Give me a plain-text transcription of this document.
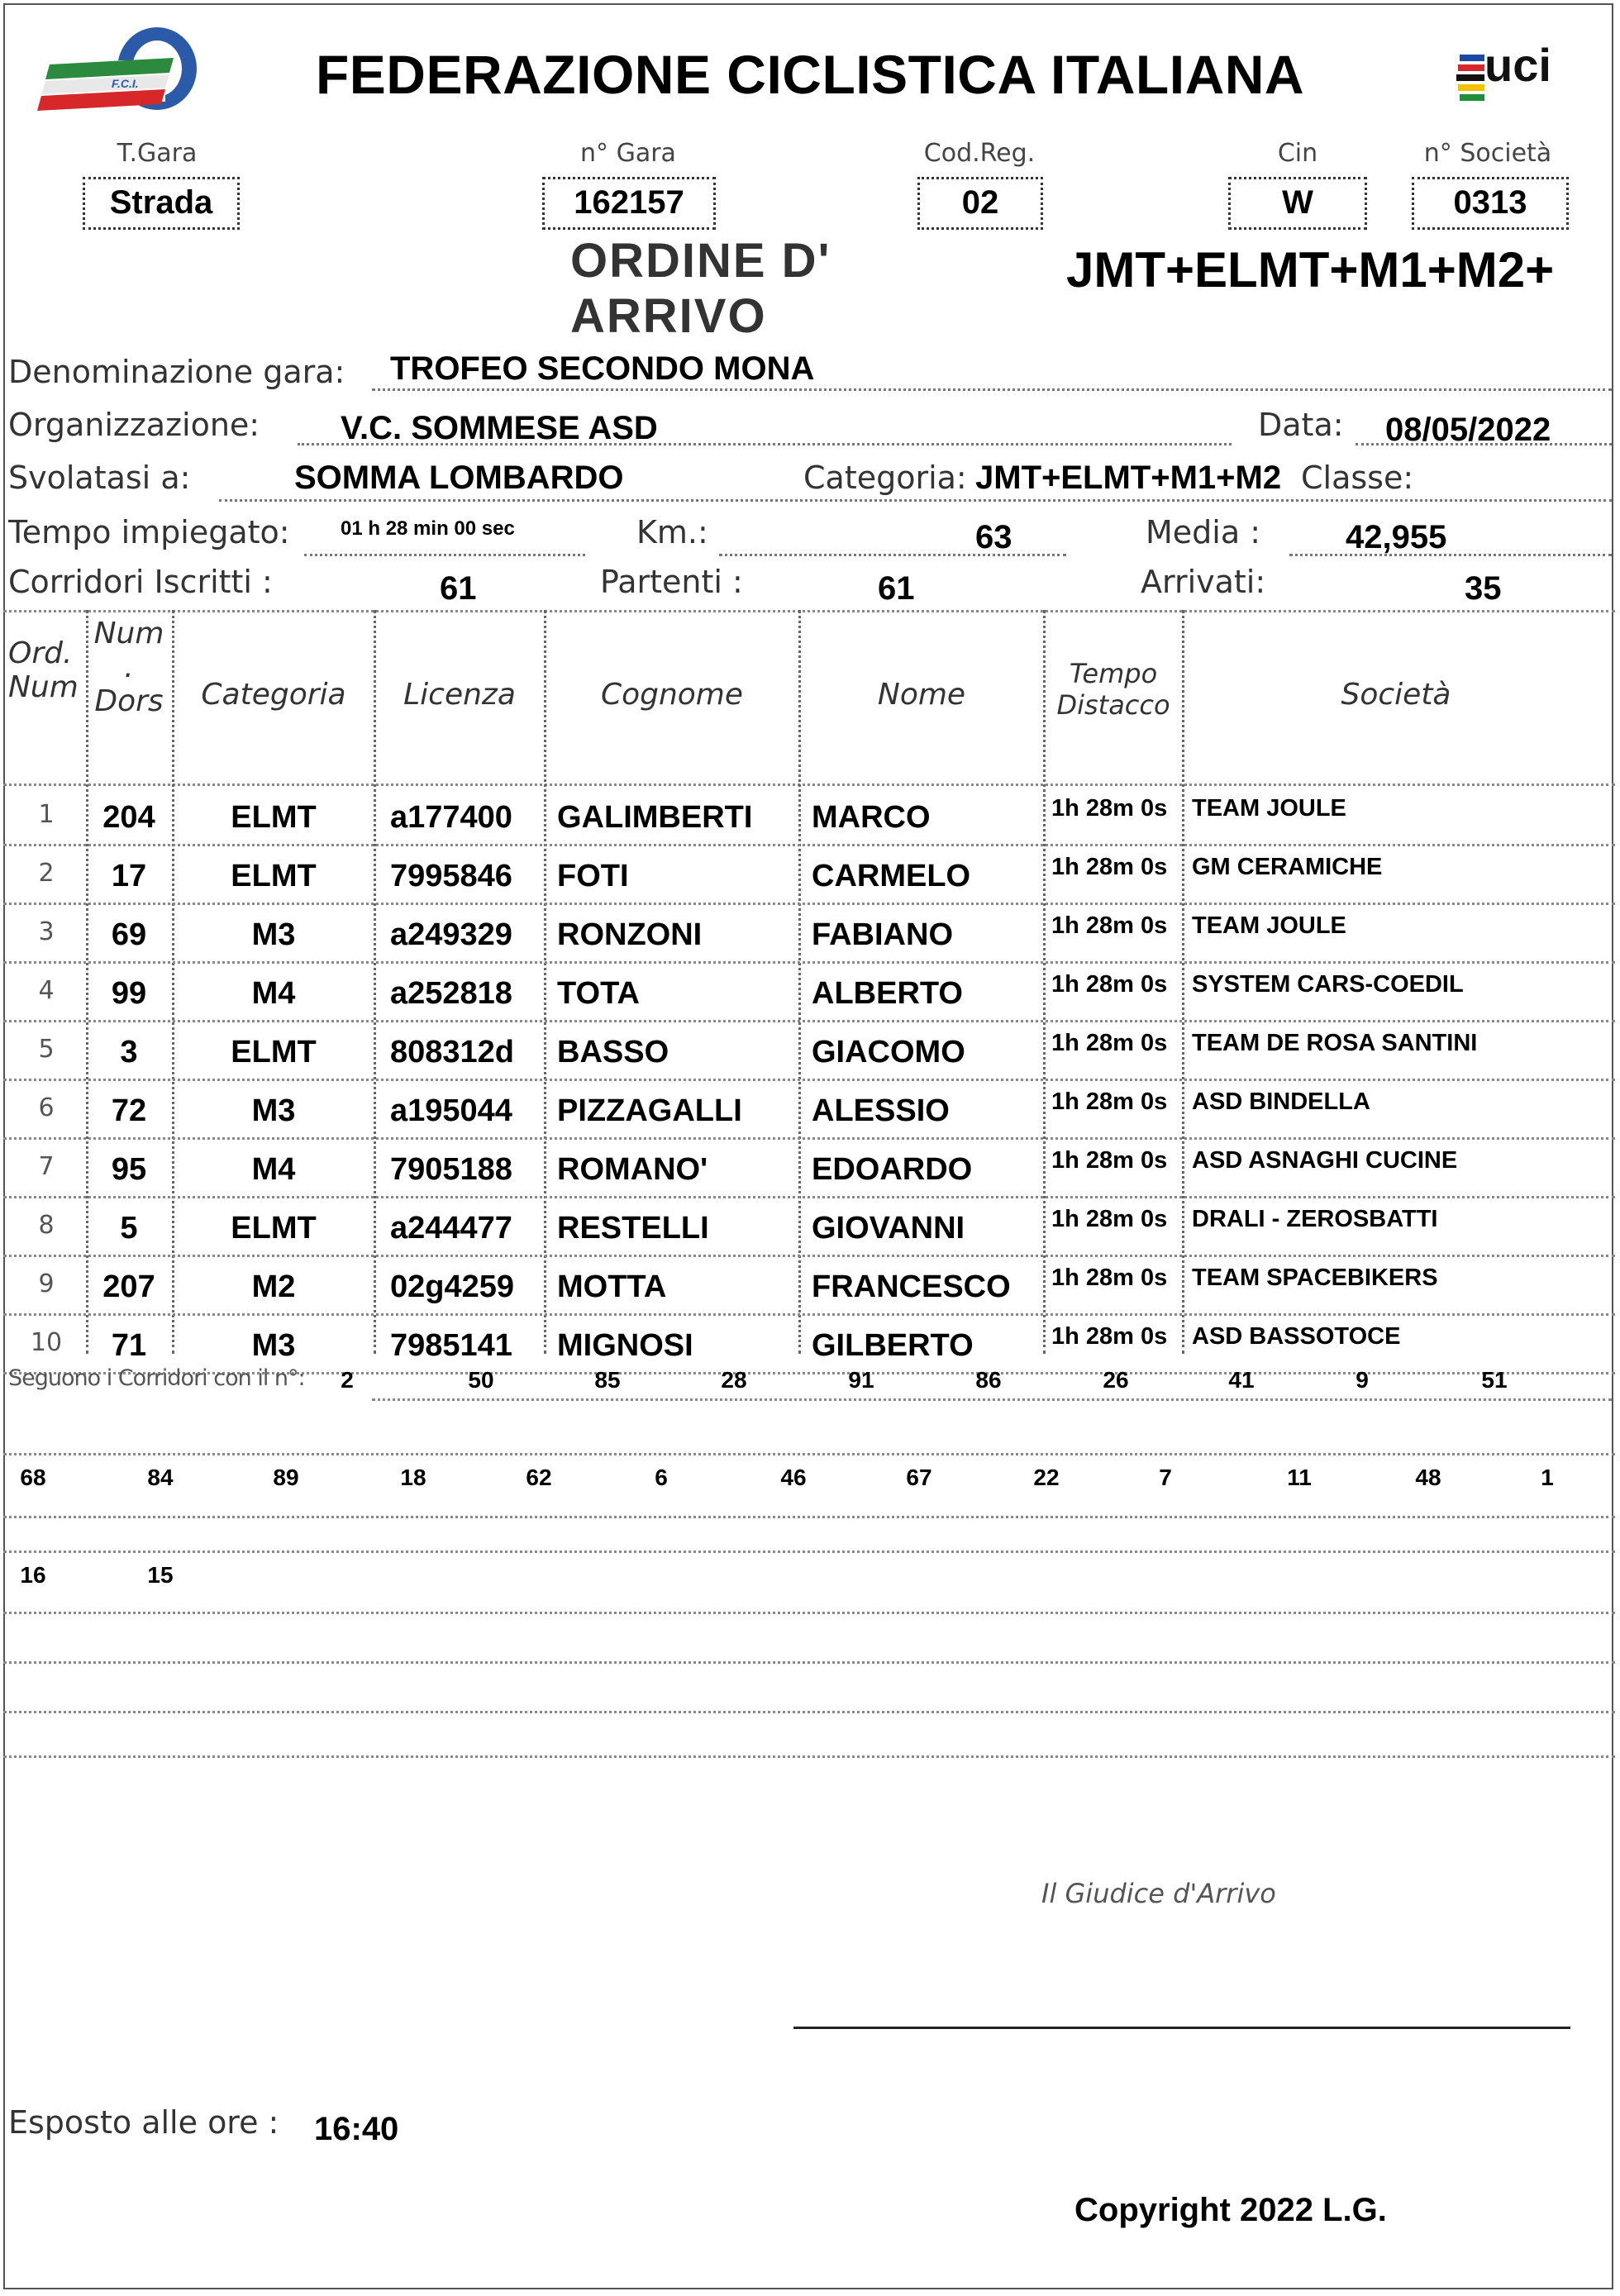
F.C.I.	FEDERAZIONE CICLISTICA ITALIANA	uci
T.Gara
Strada
n° Gara
162157
Cod.Reg.
02
Cin
W
n° Società
0313
ORDINE D' ARRIVO
JMT+ELMT+M1+M2+
Denominazione gara: TROFEO SECONDO MONA
Organizzazione: V.C. SOMMESE ASD	Data: 08/05/2022
Svolatasi a:	SOMMA LOMBARDO	Categoria: JMT+ELMT+M1+M2 Classe:
Tempo impiegato:	01 h 28 min 00 sec	Km.:	63	Media :	42,955
Corridori Iscritti :	61	Partenti :	61	Arrivati:	35
Ord. Num
Num . Dors	Categoria	Licenza	Cognome	Nome
Tempo Distacco	Società
1	204	ELMT	a177400	GALIMBERTI	MARCO	1h 28m 0s	TEAM JOULE
2	17	ELMT	7995846	FOTI	CARMELO	1h 28m 0s	GM CERAMICHE
3	69	M3	a249329	RONZONI	FABIANO	1h 28m 0s	TEAM JOULE
4	99	M4	a252818	TOTA	ALBERTO	1h 28m 0s	SYSTEM CARS-COEDIL
5	3	ELMT	808312d	BASSO	GIACOMO	1h 28m 0s	TEAM DE ROSA SANTINI
6	72	M3	a195044	PIZZAGALLI	ALESSIO	1h 28m 0s	ASD BINDELLA
7	95	M4	7905188	ROMANO'	EDOARDO	1h 28m 0s	ASD ASNAGHI CUCINE
8	5	ELMT	a244477	RESTELLI	GIOVANNI	1h 28m 0s	DRALI - ZEROSBATTI
9	207	M2	02g4259	MOTTA	FRANCESCO	1h 28m 0s	TEAM SPACEBIKERS
10	71	M3	7985141	MIGNOSI	GILBERTO	1h 28m 0s	ASD BASSOTOCE
Seguono i Corridori con il n°:	2	50	85	28	91	86	26	41	9	51
68	84	89	18	62	6	46	67	22	7	11	48	1
16	15
Il Giudice d'Arrivo
Esposto alle ore : 16:40
Copyright 2022 L.G.
